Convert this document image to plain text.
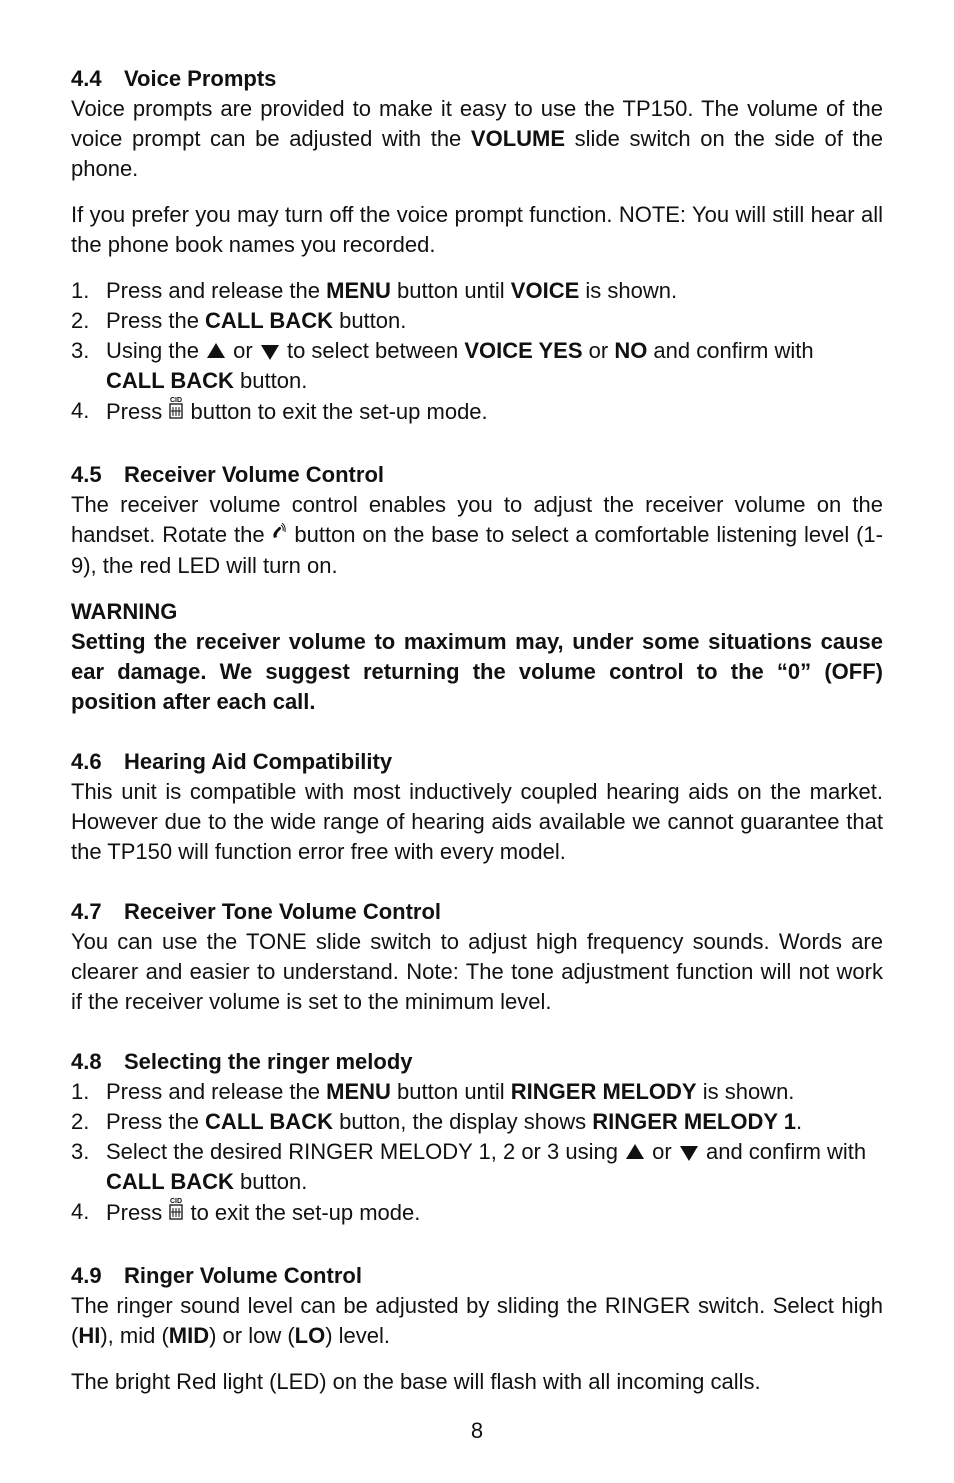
4.4 Voice Prompts

Voice prompts are provided to make it easy to use the TP150. The volume of the voice prompt can be adjusted with the VOLUME slide switch on the side of the phone.

If you prefer you may turn off the voice prompt function. NOTE: You will still hear all the phone book names you recorded.

1. Press and release the MENU button until VOICE is shown.
2. Press the CALL BACK button.
3. Using the  or  to select between VOICE YES or NO and confirm with
CALL BACK button.
4. Press CID button to exit the set-up mode.
4.5 Receiver Volume Control

The receiver volume control enables you to adjust the receiver volume on the handset. Rotate the  button on the base to select a comfortable listening level (1-9), the red LED will turn on.

WARNING

Setting the receiver volume to maximum may, under some situations cause ear damage. We suggest returning the volume control to the “0” (OFF) position after each call.

4.6 Hearing Aid Compatibility

This unit is compatible with most inductively coupled hearing aids on the market. However due to the wide range of hearing aids available we cannot guarantee that the TP150 will function error free with every model.

4.7 Receiver Tone Volume Control

You can use the TONE slide switch to adjust high frequency sounds. Words are clearer and easier to understand. Note: The tone adjustment function will not work if the receiver volume is set to the minimum level.

4.8 Selecting the ringer melody
1. Press and release the MENU button until RINGER MELODY is shown.
2. Press the CALL BACK button, the display shows RINGER MELODY 1.
3. Select the desired RINGER MELODY 1, 2 or 3 using  or  and confirm with CALL BACK button.
4. Press CID to exit the set-up mode.
4.9 Ringer Volume Control

The ringer sound level can be adjusted by sliding the RINGER switch. Select high (HI), mid (MID) or low (LO) level.

The bright Red light (LED) on the base will flash with all incoming calls.

8
